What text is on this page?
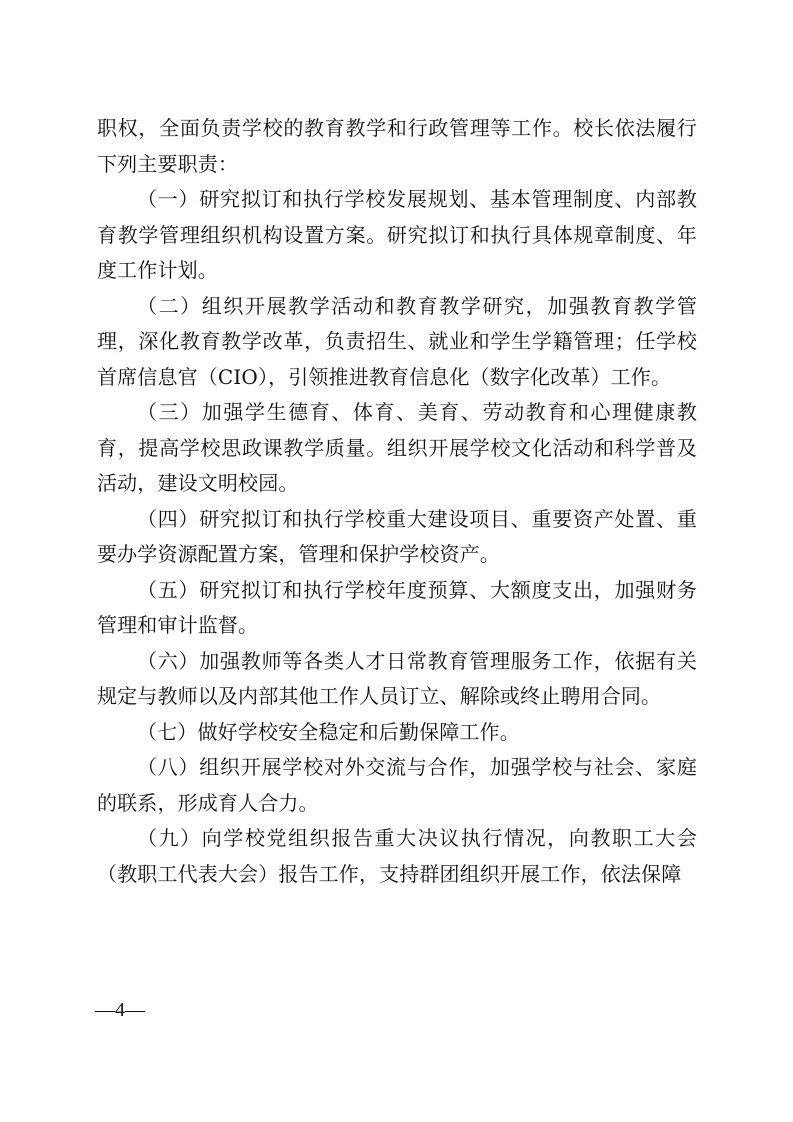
职权，全面负责学校的教育教学和行政管理等工作。校长依法履行下列主要职责：

（一）研究拟订和执行学校发展规划、基本管理制度、内部教育教学管理组织机构设置方案。研究拟订和执行具体规章制度、年度工作计划。

（二）组织开展教学活动和教育教学研究，加强教育教学管理，深化教育教学改革，负责招生、就业和学生学籍管理；任学校首席信息官（CIO），引领推进教育信息化（数字化改革）工作。

（三）加强学生德育、体育、美育、劳动教育和心理健康教育，提高学校思政课教学质量。组织开展学校文化活动和科学普及活动，建设文明校园。

（四）研究拟订和执行学校重大建设项目、重要资产处置、重要办学资源配置方案，管理和保护学校资产。

（五）研究拟订和执行学校年度预算、大额度支出，加强财务管理和审计监督。

（六）加强教师等各类人才日常教育管理服务工作，依据有关规定与教师以及内部其他工作人员订立、解除或终止聘用合同。

（七）做好学校安全稳定和后勤保障工作。

（八）组织开展学校对外交流与合作，加强学校与社会、家庭的联系，形成育人合力。

（九）向学校党组织报告重大决议执行情况，向教职工大会（教职工代表大会）报告工作，支持群团组织开展工作，依法保障

—4—
